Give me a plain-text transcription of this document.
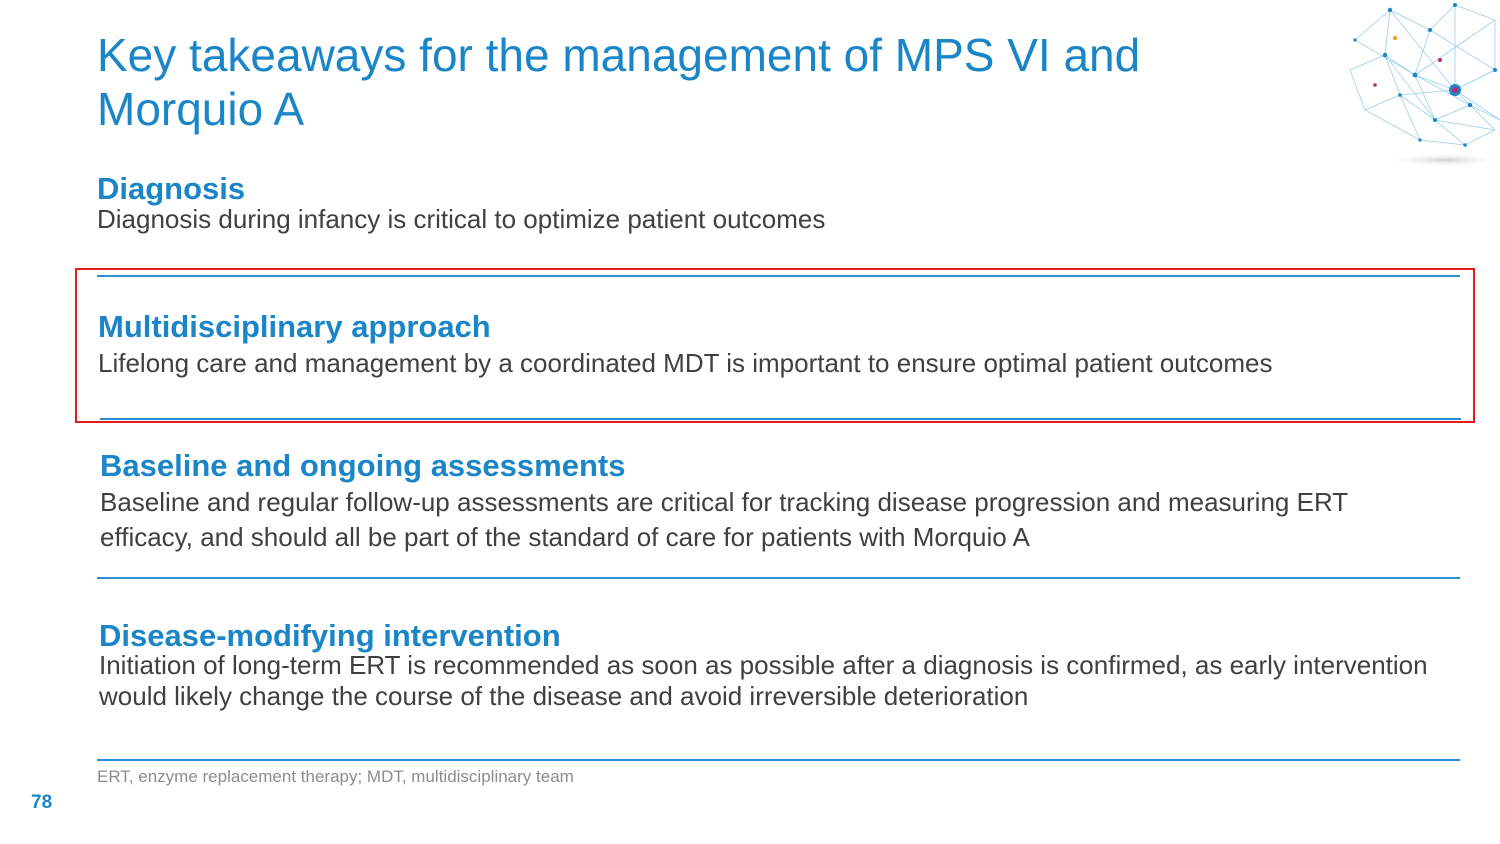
Key takeaways for the management of MPS VI and Morquio A
Diagnosis
Diagnosis during infancy is critical to optimize patient outcomes
Multidisciplinary approach
Lifelong care and management by a coordinated MDT is important to ensure optimal patient outcomes
Baseline and ongoing assessments
Baseline and regular follow-up assessments are critical for tracking disease progression and measuring ERT efficacy, and should all be part of the standard of care for patients with Morquio A
Disease-modifying intervention
Initiation of long-term ERT is recommended as soon as possible after a diagnosis is confirmed, as early intervention would likely change the course of the disease and avoid irreversible deterioration
ERT, enzyme replacement therapy; MDT, multidisciplinary team
78
